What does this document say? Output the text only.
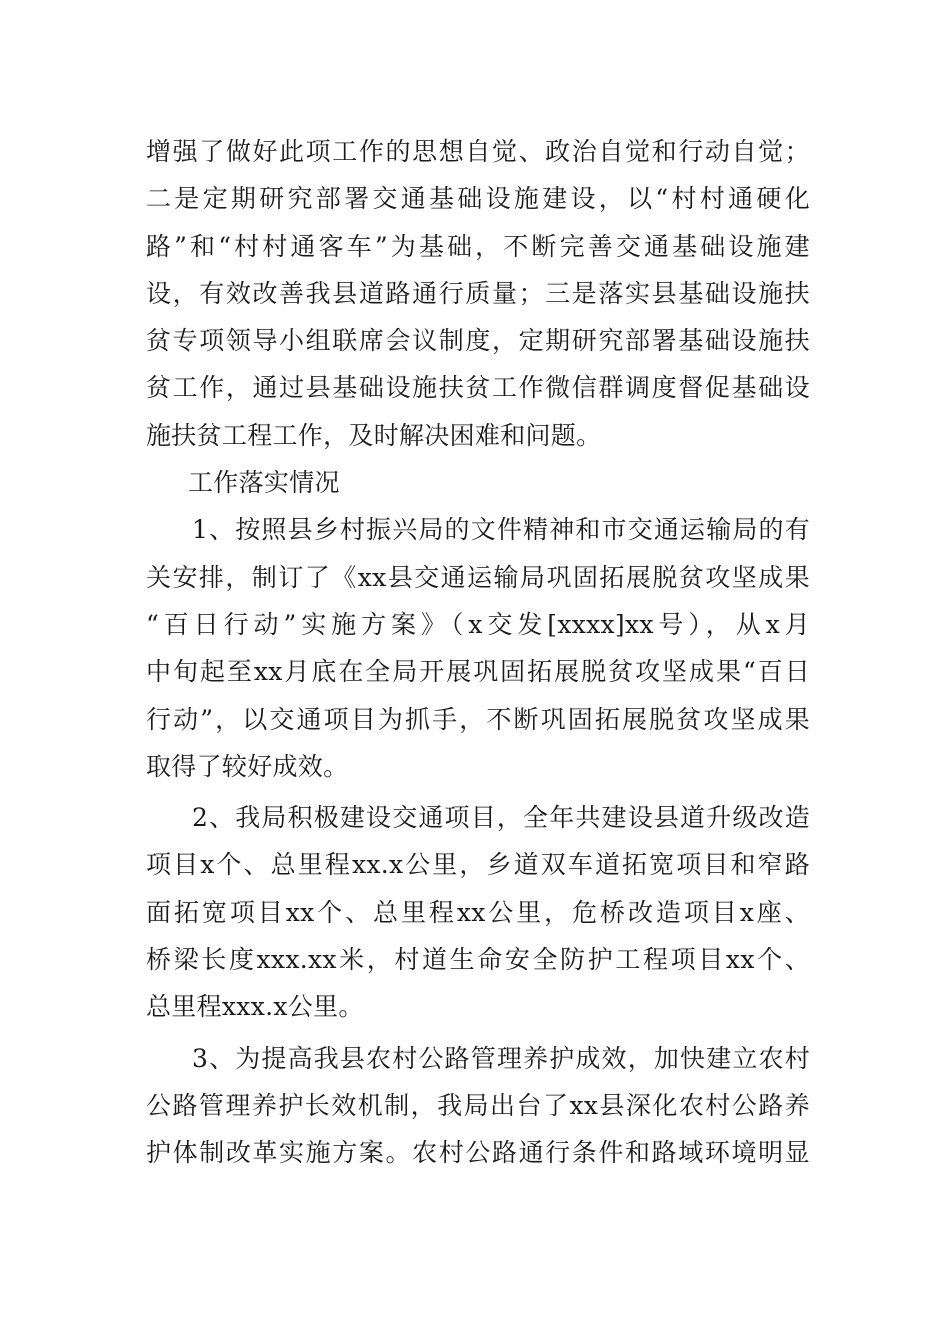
增强了做好此项工作的思想自觉、政治自觉和行动自觉；
二是定期研究部署交通基础设施建设，以“村村通硬化
路”和“村村通客车”为基础，不断完善交通基础设施建
设，有效改善我县道路通行质量；三是落实县基础设施扶
贫专项领导小组联席会议制度，定期研究部署基础设施扶
贫工作，通过县基础设施扶贫工作微信群调度督促基础设
施扶贫工程工作，及时解决困难和问题。
工作落实情况
1、按照县乡村振兴局的文件精神和市交通运输局的有
关安排，制订了《xx县交通运输局巩固拓展脱贫攻坚成果
“百日行动”实施方案》（x交发[xxxx]xx号），从x月
中旬起至xx月底在全局开展巩固拓展脱贫攻坚成果“百日
行动”，以交通项目为抓手，不断巩固拓展脱贫攻坚成果
取得了较好成效。
2、我局积极建设交通项目，全年共建设县道升级改造
项目x个、总里程xx.x公里，乡道双车道拓宽项目和窄路
面拓宽项目xx个、总里程xx公里，危桥改造项目x座、
桥梁长度xxx.xx米，村道生命安全防护工程项目xx个、
总里程xxx.x公里。
3、为提高我县农村公路管理养护成效，加快建立农村
公路管理养护长效机制，我局出台了xx县深化农村公路养
护体制改革实施方案。农村公路通行条件和路域环境明显
